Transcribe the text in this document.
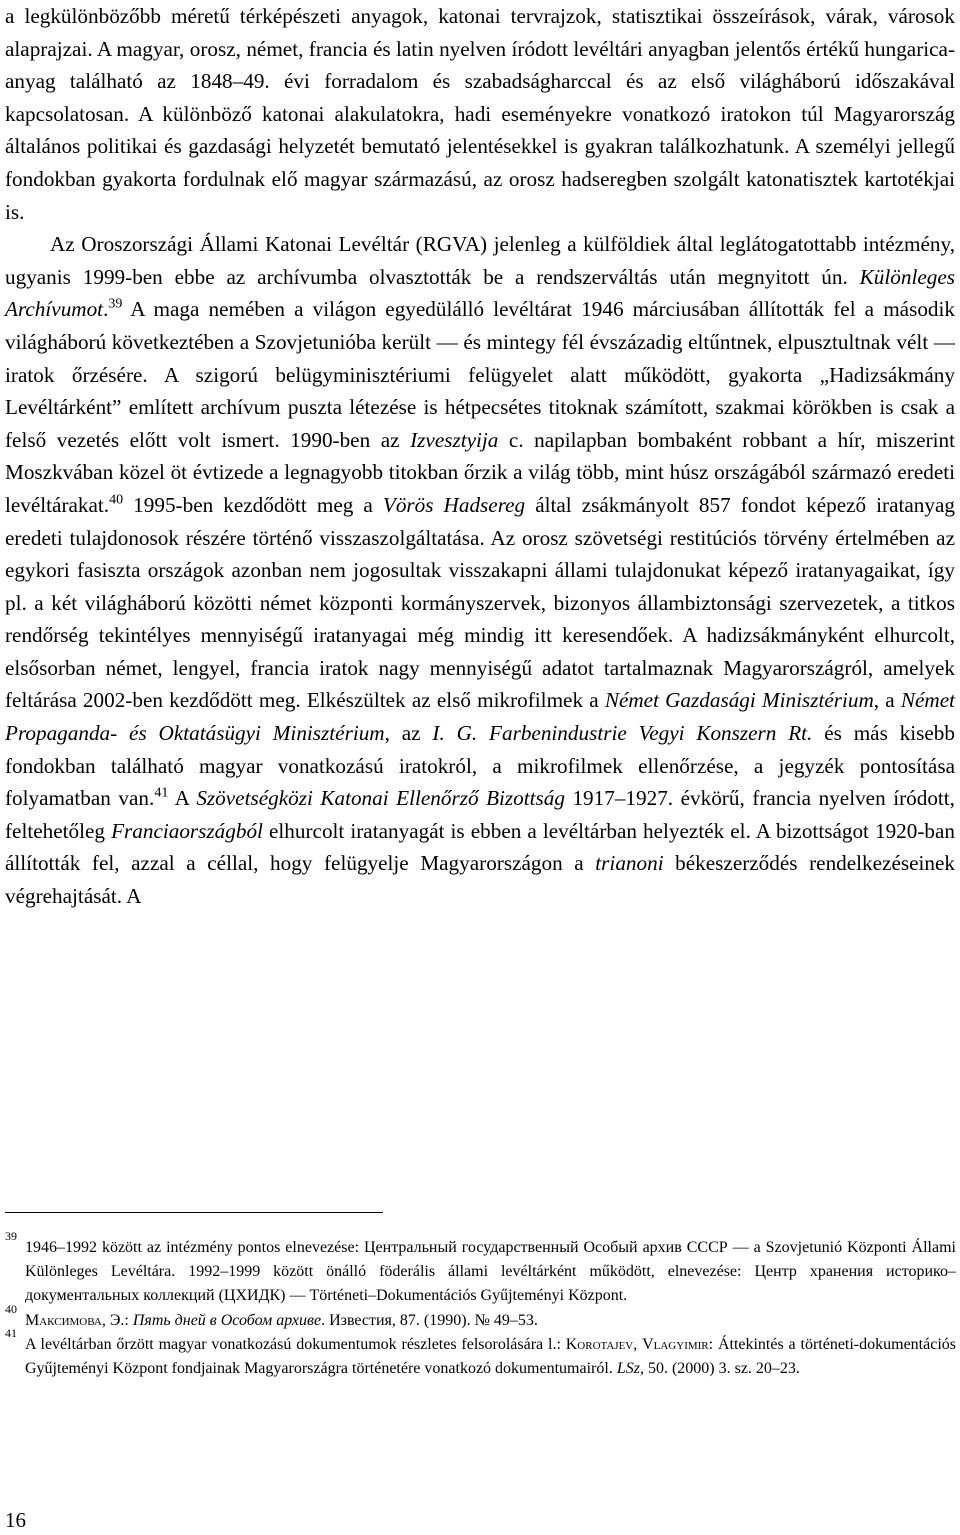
a legkülönbözőbb méretű térképészeti anyagok, katonai tervrajzok, statisztikai összeírások, várak, városok alaprajzai. A magyar, orosz, német, francia és latin nyelven íródott levéltári anyagban jelentős értékű hungarica-anyag található az 1848–49. évi forradalom és szabadságharccal és az első világháború időszakával kapcsolatosan. A különböző katonai alakulatokra, hadi eseményekre vonatkozó iratokon túl Magyarország általános politikai és gazdasági helyzetét bemutató jelentésekkel is gyakran találkozhatunk. A személyi jellegű fondokban gyakorta fordulnak elő magyar származású, az orosz hadseregben szolgált katonatisztek kartotékjai is.

Az Oroszországi Állami Katonai Levéltár (RGVA) jelenleg a külföldiek által leglátogatottabb intézmény, ugyanis 1999-ben ebbe az archívumba olvasztották be a rendszerváltás után megnyitott ún. Különleges Archívumot.$^{39}$ A maga nemében a világon egyedülálló levéltárat 1946 márciusában állították fel a második világháború következtében a Szovjetunióba került — és mintegy fél évszázadig eltűntnek, elpusztultnak vélt — iratok őrzésére. A szigorú belügyminisztériumi felügyelet alatt működött, gyakorta „Hadizsákmány Levéltárként” említett archívum puszta létezése is hétpecsétes titoknak számított, szakmai körökben is csak a felső vezetés előtt volt ismert. 1990-ben az Izvesztyija c. napilapban bombaként robbant a hír, miszerint Moszkvában közel öt évtizede a legnagyobb titokban őrzik a világ több, mint húsz országából származó eredeti levéltárakat.$^{40}$ 1995-ben kezdődött meg a Vörös Hadsereg által zsákmányolt 857 fondot képező iratanyag eredeti tulajdonosok részére történő visszaszolgáltatása. Az orosz szövetségi restitúciós törvény értelmében az egykori fasiszta országok azonban nem jogosultak visszakapni állami tulajdonukat képező iratanyagaikat, így pl. a két világháború közötti német központi kormányszervek, bizonyos állambiztonsági szervezetek, a titkos rendőrség tekintélyes mennyiségű iratanyagai még mindig itt keresendőek. A hadizsákmányként elhurcolt, elsősorban német, lengyel, francia iratok nagy mennyiségű adatot tartalmaznak Magyarországról, amelyek feltárása 2002-ben kezdődött meg. Elkészültek az első mikrofilmek a Német Gazdasági Minisztérium, a Német Propaganda- és Oktatásügyi Minisztérium, az I. G. Farbenindustrie Vegyi Konszern Rt. és más kisebb fondokban található magyar vonatkozású iratokról, a mikrofilmek ellenőrzése, a jegyzék pontosítása folyamatban van.$^{41}$ A Szövetségközi Katonai Ellenőrző Bizottság 1917–1927. évkörű, francia nyelven íródott, feltehetőleg Franciaországból elhurcolt iratanyagát is ebben a levéltárban helyezték el. A bizottságot 1920-ban állították fel, azzal a céllal, hogy felügyelje Magyarországon a trianoni békeszerződés rendelkezéseinek végrehajtását. A

39
1946–1992 között az intézmény pontos elnevezése: Центральный государственный Особый архив СССР — a Szovjetunió Központi Állami Különleges Levéltára. 1992–1999 között önálló föderális állami levéltárként működött, elnevezése: Центр хранения историко–документальных коллекций (ЦХИДК) — Történeti–Dokumentációs Gyűjteményi Központ.

40
Максимова, Э.: Пять дней в Особом архиве. Известия, 87. (1990). № 49–53.

41
A levéltárban őrzött magyar vonatkozású dokumentumok részletes felsorolására l.: Korotajev, Vlagyimir: Áttekintés a történeti-dokumentációs Gyűjteményi Központ fondjainak Magyarországra történetére vonatkozó dokumentumairól. LSz, 50. (2000) 3. sz. 20–23.

16
